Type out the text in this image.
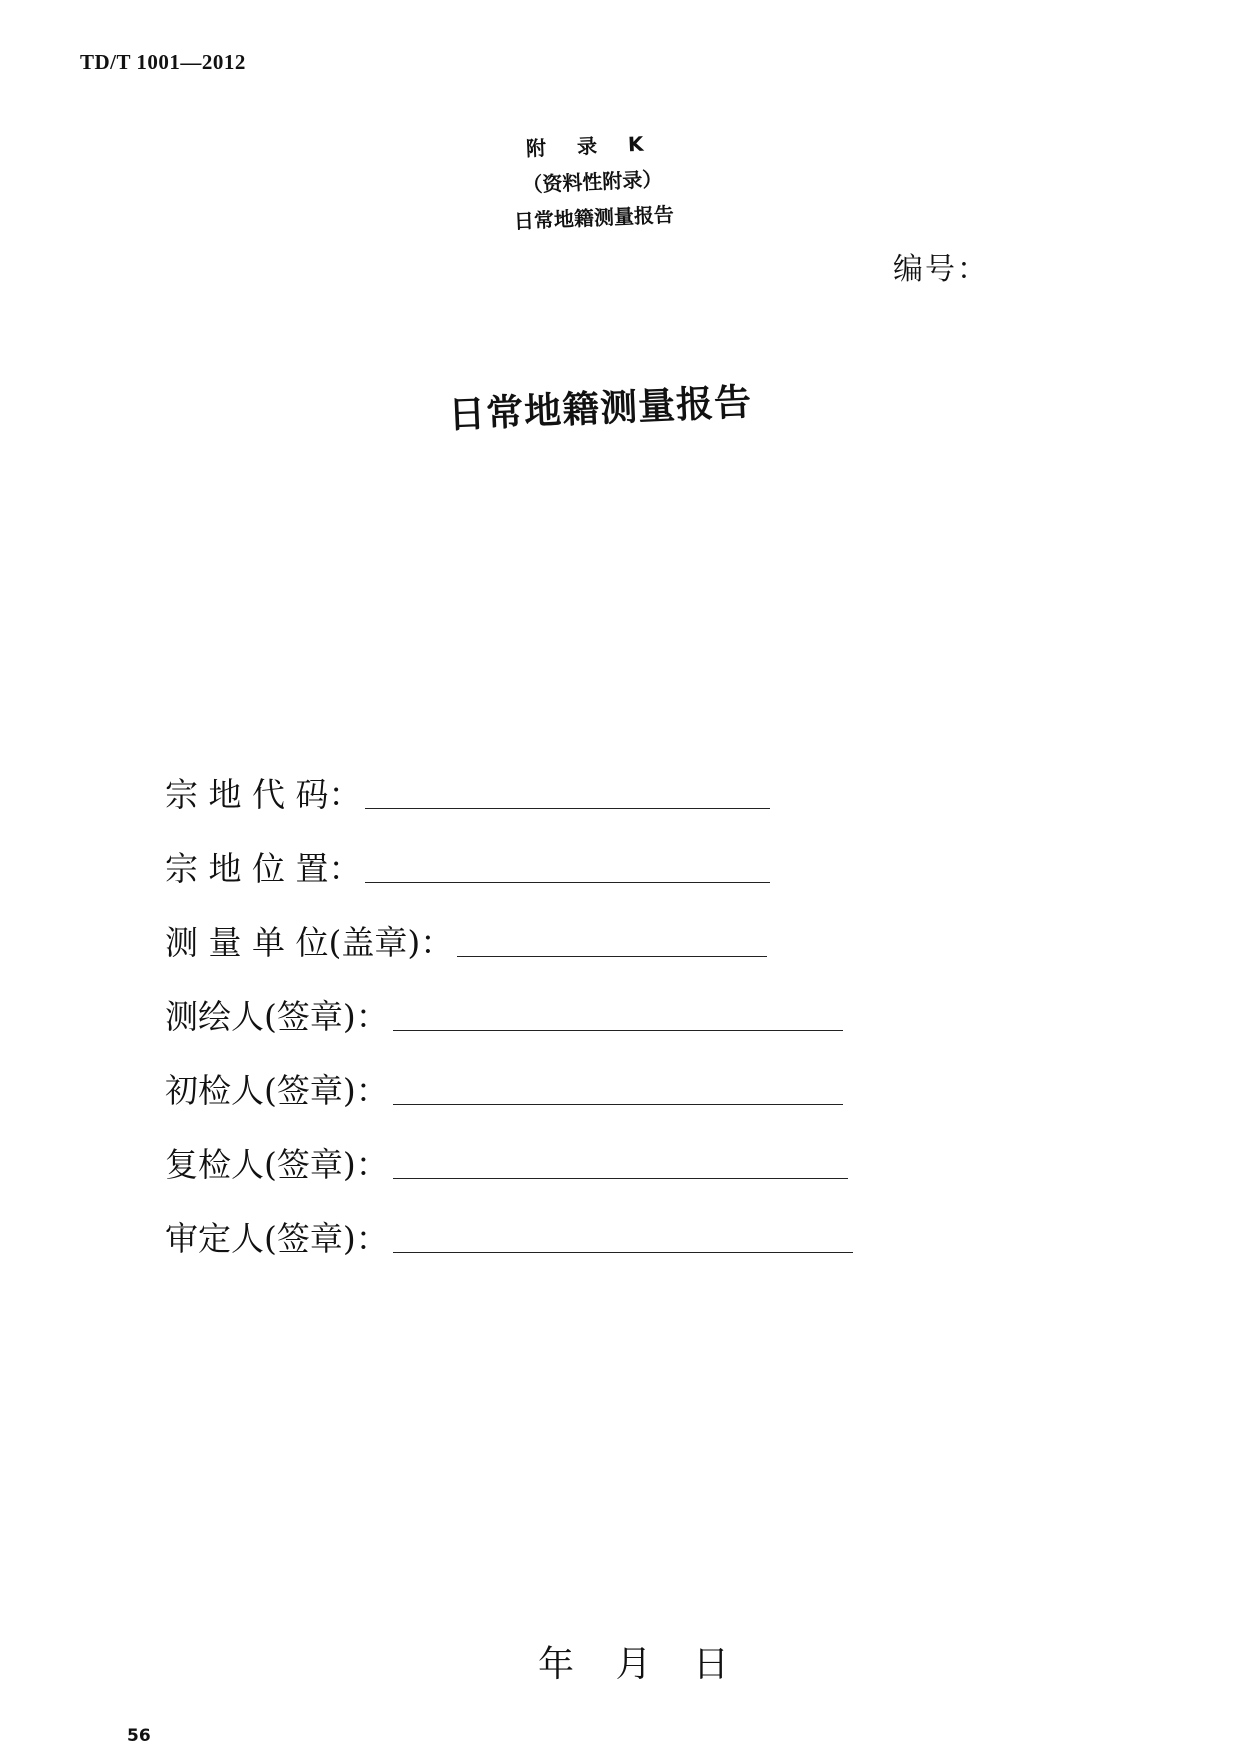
TD/T 1001—2012
附 录 K
（资料性附录）
日常地籍测量报告
编号：
日常地籍测量报告
宗 地 代 码：
宗 地 位 置：
测 量 单 位(盖章)：
测绘人(签章)：
初检人(签章)：
复检人(签章)：
审定人(签章)：
年 月 日
56
